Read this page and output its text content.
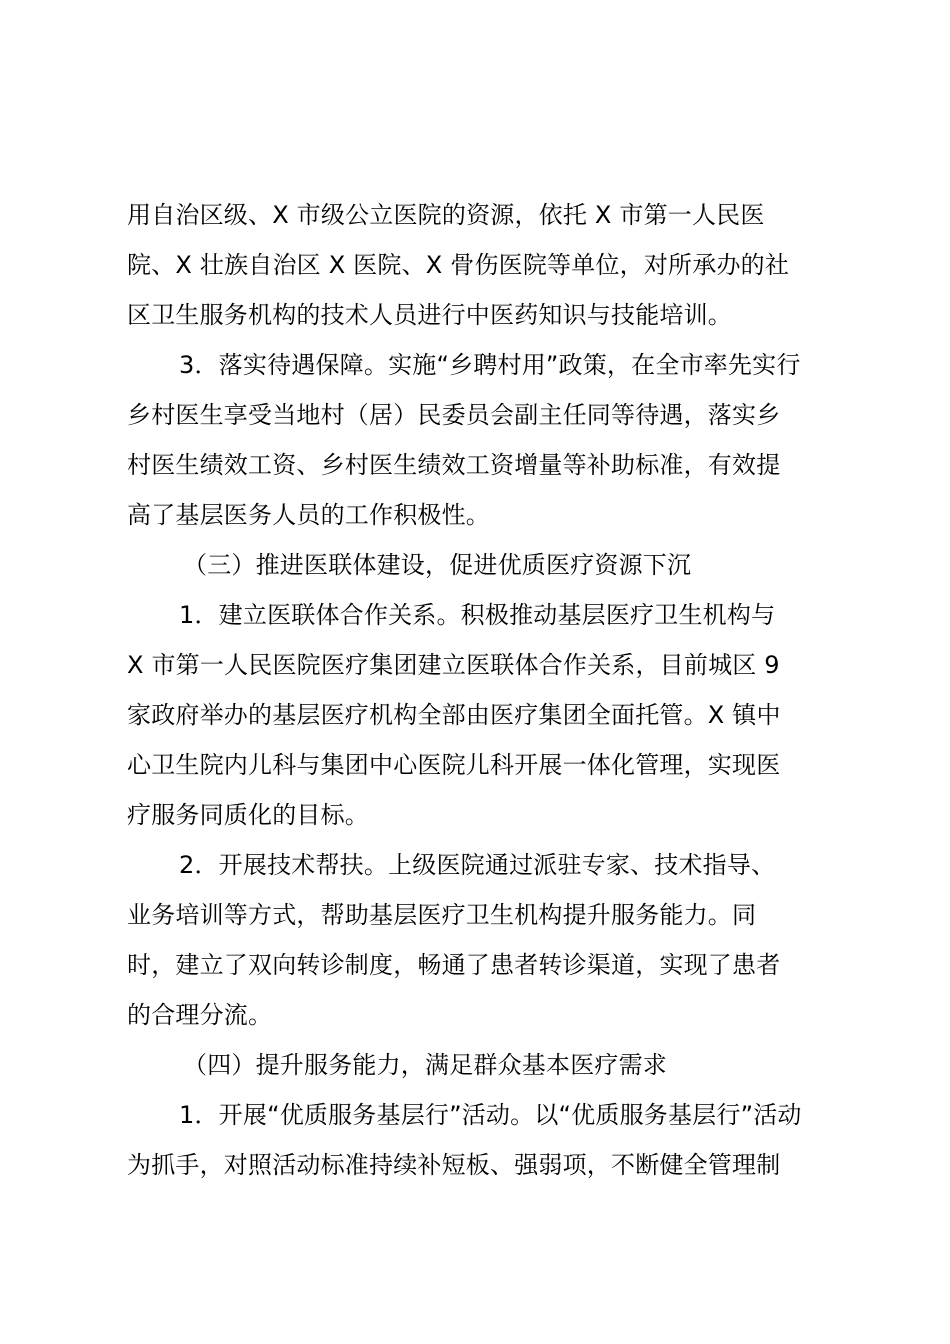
用自治区级、X 市级公立医院的资源，依托 X 市第一人民医
院、X 壮族自治区 X 医院、X 骨伤医院等单位，对所承办的社
区卫生服务机构的技术人员进行中医药知识与技能培训。
3．落实待遇保障。实施“乡聘村用”政策，在全市率先实行
乡村医生享受当地村（居）民委员会副主任同等待遇，落实乡
村医生绩效工资、乡村医生绩效工资增量等补助标准，有效提
高了基层医务人员的工作积极性。
（三）推进医联体建设，促进优质医疗资源下沉
1．建立医联体合作关系。积极推动基层医疗卫生机构与
X 市第一人民医院医疗集团建立医联体合作关系，目前城区 9
家政府举办的基层医疗机构全部由医疗集团全面托管。X 镇中
心卫生院内儿科与集团中心医院儿科开展一体化管理，实现医
疗服务同质化的目标。
2．开展技术帮扶。上级医院通过派驻专家、技术指导、
业务培训等方式，帮助基层医疗卫生机构提升服务能力。同
时，建立了双向转诊制度，畅通了患者转诊渠道，实现了患者
的合理分流。
（四）提升服务能力，满足群众基本医疗需求
1．开展“优质服务基层行”活动。以“优质服务基层行”活动
为抓手，对照活动标准持续补短板、强弱项，不断健全管理制
